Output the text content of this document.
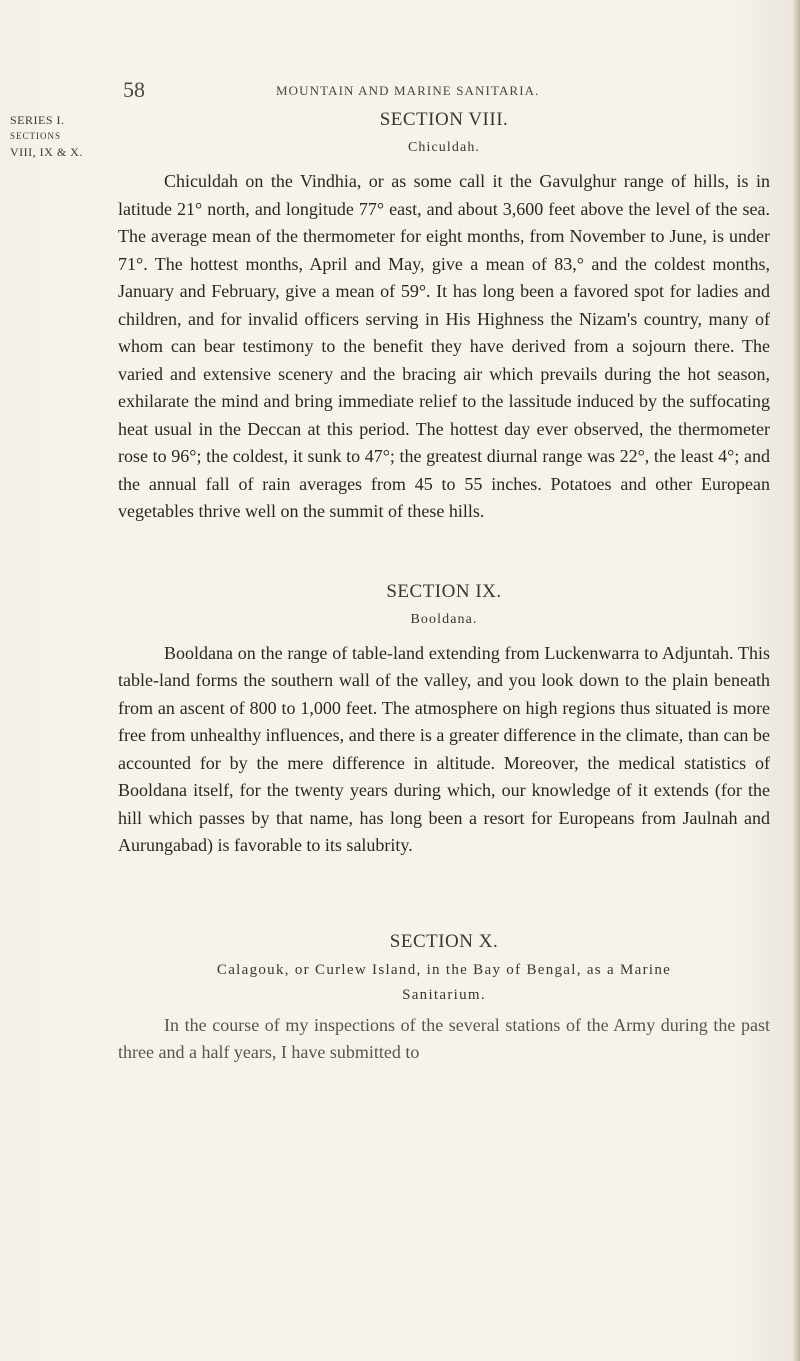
SERIES I.
SECTIONS
VIII, IX & X.
58	MOUNTAIN AND MARINE SANITARIA.
SECTION VIII.
Chiculdah.

Chiculdah on the Vindhia, or as some call it the Gavulghur range of hills, is in latitude 21° north, and longitude 77° east, and about 3,600 feet above the level of the sea. The average mean of the thermometer for eight months, from November to June, is under 71°. The hottest months, April and May, give a mean of 83,° and the coldest months, January and February, give a mean of 59°. It has long been a favored spot for ladies and children, and for invalid officers serving in His Highness the Nizam's country, many of whom can bear testimony to the benefit they have derived from a sojourn there. The varied and extensive scenery and the bracing air which prevails during the hot season, exhilarate the mind and bring immediate relief to the lassitude induced by the suffocating heat usual in the Deccan at this period. The hottest day ever observed, the thermometer rose to 96°; the coldest, it sunk to 47°; the greatest diurnal range was 22°, the least 4°; and the annual fall of rain averages from 45 to 55 inches. Potatoes and other European vegetables thrive well on the summit of these hills.

SECTION IX.
Booldana.

Booldana on the range of table-land extending from Luckenwarra to Adjuntah. This table-land forms the southern wall of the valley, and you look down to the plain beneath from an ascent of 800 to 1,000 feet. The atmosphere on high regions thus situated is more free from unhealthy influences, and there is a greater difference in the climate, than can be accounted for by the mere difference in altitude. Moreover, the medical statistics of Booldana itself, for the twenty years during which, our knowledge of it extends (for the hill which passes by that name, has long been a resort for Europeans from Jaulnah and Aurungabad) is favorable to its salubrity.

SECTION X.
Calagouk, or Curlew Island, in the Bay of Bengal, as a Marine
Sanitarium.

In the course of my inspections of the several stations of the Army during the past three and a half years, I have submitted to
